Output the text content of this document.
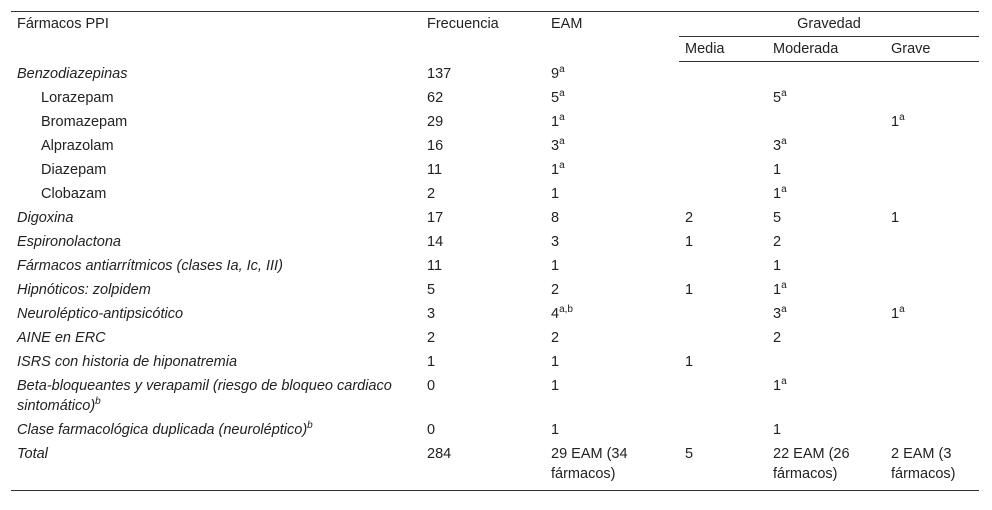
Fármacos PPI	Frecuencia	EAM	Gravedad		
			Media	Moderada	Grave
Benzodiazepinas	137	9$^a$			
Lorazepam	62	5$^a$		5$^a$	
Bromazepam	29	1$^a$			1$^a$
Alprazolam	16	3$^a$		3$^a$	
Diazepam	11	1$^a$		1	
Clobazam	2	1		1$^a$	
Digoxina	17	8	2	5	1
Espironolactona	14	3	1	2	
Fármacos antiarrítmicos (clases Ia, Ic, III)	11	1		1	
Hipnóticos: zolpidem	5	2	1	1$^a$	
Neuroléptico-antipsicótico	3	4$^{a,b}$		3$^a$	1$^a$
AINE en ERC	2	2		2	
ISRS con historia de hiponatremia	1	1	1		
Beta-bloqueantes y verapamil (riesgo de bloqueo cardiaco sintomático)$^b$	0	1		1$^a$	
Clase farmacológica duplicada (neuroléptico)$^b$	0	1		1	
Total	284	29 EAM (34 fármacos)	5	22 EAM (26 fármacos)	2 EAM (3 fármacos)
